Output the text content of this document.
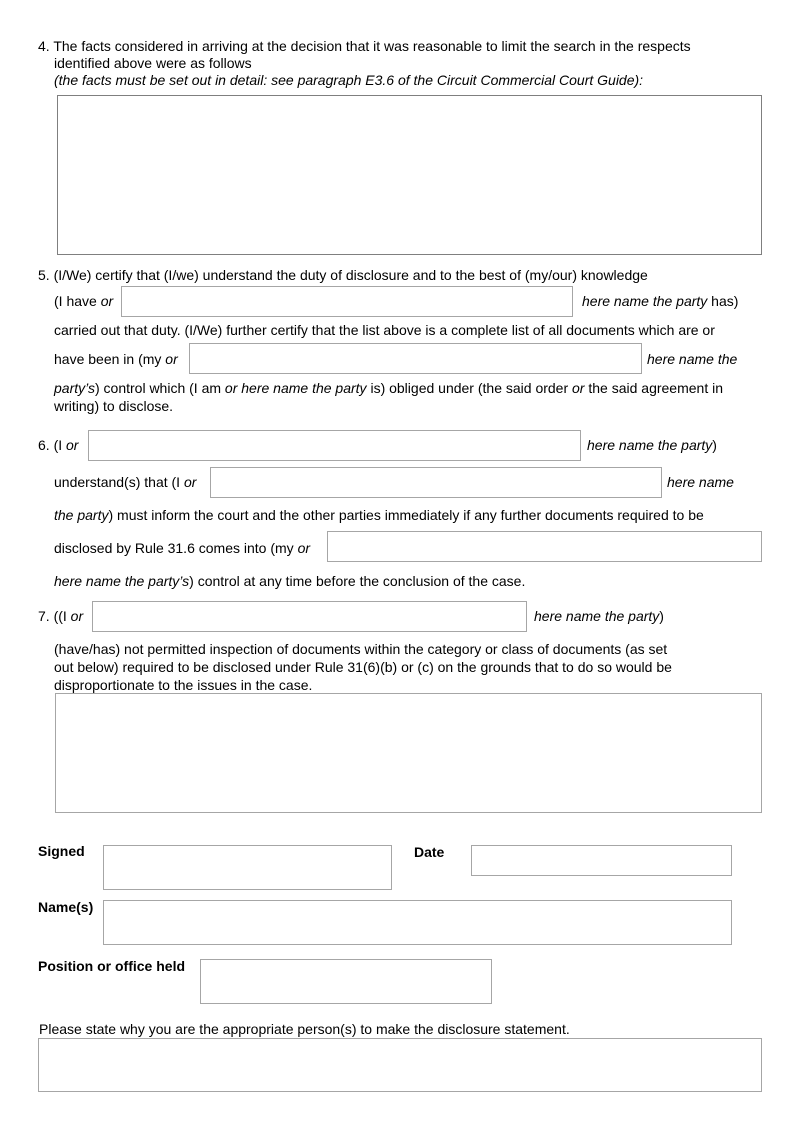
4. The facts considered in arriving at the decision that it was reasonable to limit the search in the respects
identified above were as follows
(the facts must be set out in detail: see paragraph E3.6 of the Circuit Commercial Court Guide):
5. (I/We) certify that (I/we) understand the duty of disclosure and to the best of (my/our) knowledge
(I have or	here name the party has)
carried out that duty. (I/We) further certify that the list above is a complete list of all documents which are or
have been in (my or	here name the
party’s) control which (I am or here name the party is) obliged under (the said order or the said agreement in
writing) to disclose.
6. (I or	here name the party)
understand(s) that (I or	here name
the party) must inform the court and the other parties immediately if any further documents required to be
disclosed by Rule 31.6 comes into (my or
here name the party’s) control at any time before the conclusion of the case.
7. ((I or	here name the party)
(have/has) not permitted inspection of documents within the category or class of documents (as set
out below) required to be disclosed under Rule 31(6)(b) or (c) on the grounds that to do so would be
disproportionate to the issues in the case.
Signed	Date
Name(s)
Position or office held
Please state why you are the appropriate person(s) to make the disclosure statement.
